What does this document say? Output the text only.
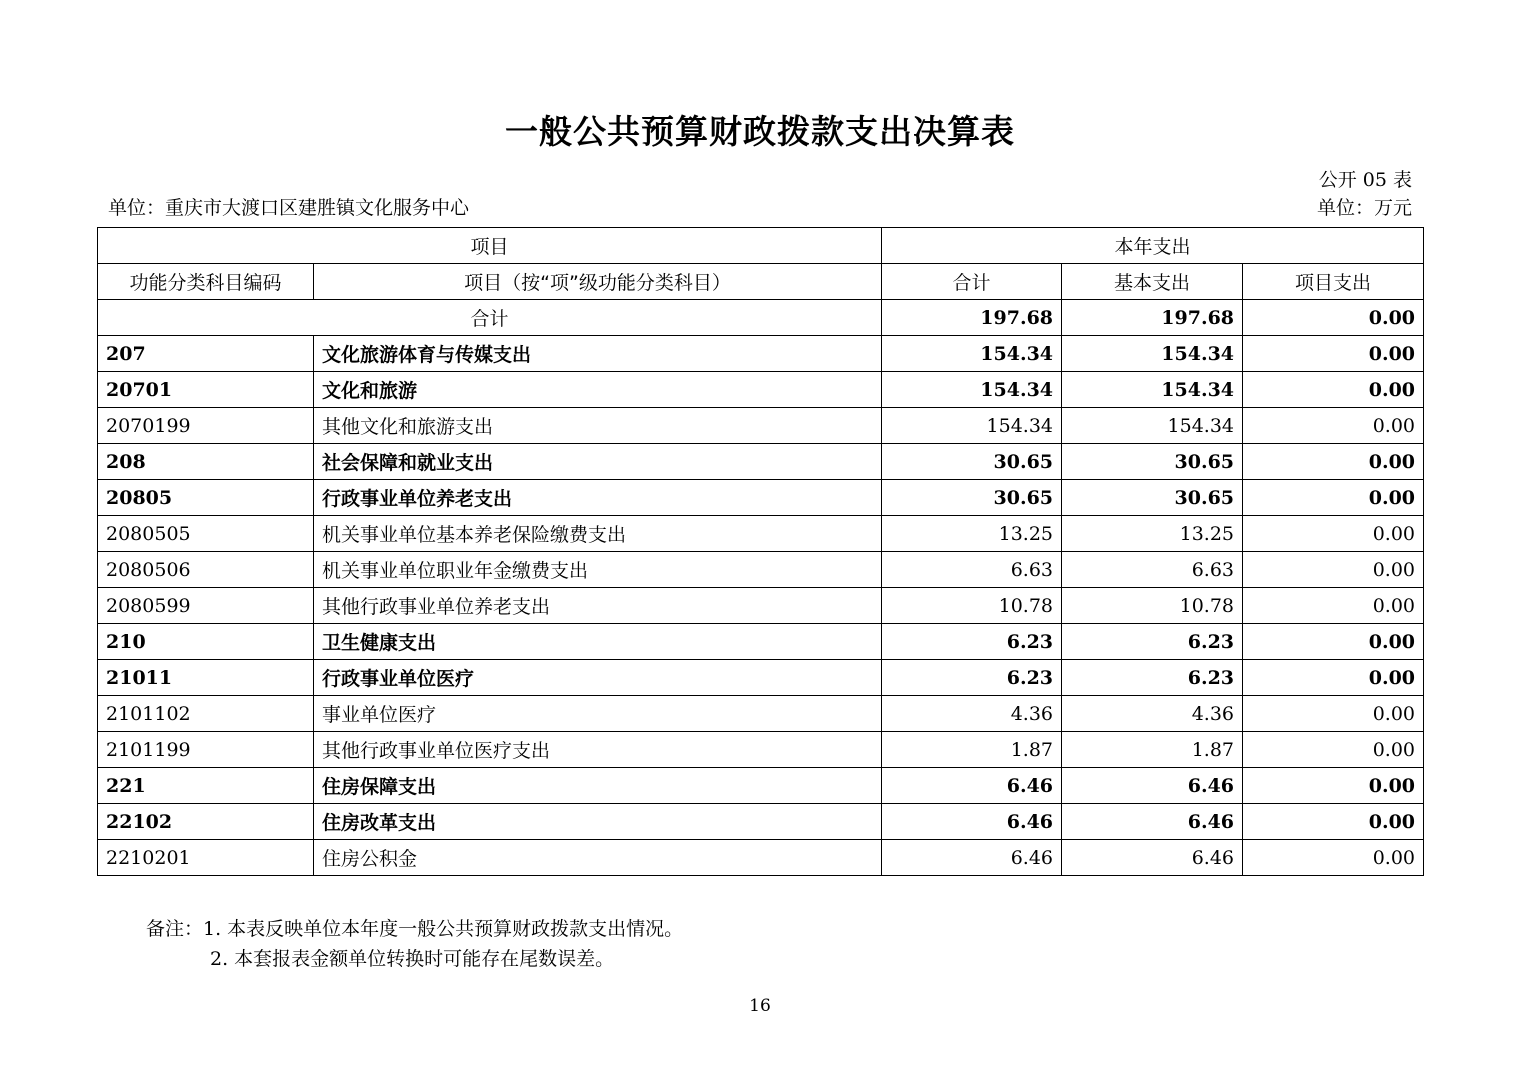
一般公共预算财政拨款支出决算表
公开 05 表
单位：重庆市大渡口区建胜镇文化服务中心	单位：万元
项目		本年支出		
功能分类科目编码	项目（按“项”级功能分类科目）	合计	基本支出	项目支出
合计		197.68	197.68	0.00
207	文化旅游体育与传媒支出	154.34	154.34	0.00
20701	文化和旅游	154.34	154.34	0.00
2070199	其他文化和旅游支出	154.34	154.34	0.00
208	社会保障和就业支出	30.65	30.65	0.00
20805	行政事业单位养老支出	30.65	30.65	0.00
2080505	机关事业单位基本养老保险缴费支出	13.25	13.25	0.00
2080506	机关事业单位职业年金缴费支出	6.63	6.63	0.00
2080599	其他行政事业单位养老支出	10.78	10.78	0.00
210	卫生健康支出	6.23	6.23	0.00
21011	行政事业单位医疗	6.23	6.23	0.00
2101102	事业单位医疗	4.36	4.36	0.00
2101199	其他行政事业单位医疗支出	1.87	1.87	0.00
221	住房保障支出	6.46	6.46	0.00
22102	住房改革支出	6.46	6.46	0.00
2210201	住房公积金	6.46	6.46	0.00
备注：1. 本表反映单位本年度一般公共预算财政拨款支出情况。
2. 本套报表金额单位转换时可能存在尾数误差。
16
